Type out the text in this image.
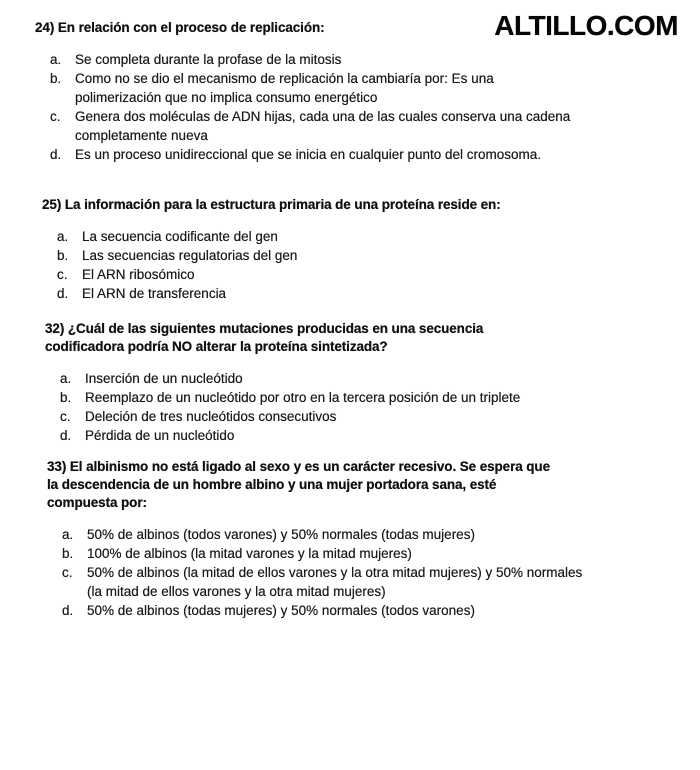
ALTILLO.COM
24) En relación con el proceso de replicación:
a.	Se completa durante la profase de la mitosis
b.	Como no se dio el mecanismo de replicación la cambiaría por: Es una
polimerización que no implica consumo energético
c.	Genera dos moléculas de ADN hijas, cada una de las cuales conserva una cadena
completamente nueva
d.	Es un proceso unidireccional que se inicia en cualquier punto del cromosoma.
25) La información para la estructura primaria de una proteína reside en:
a.	La secuencia codificante del gen
b.	Las secuencias regulatorias del gen
c.	El ARN ribosómico
d.	El ARN de transferencia
32) ¿Cuál de las siguientes mutaciones producidas en una secuencia
codificadora podría NO alterar la proteína sintetizada?
a.	Inserción de un nucleótido
b.	Reemplazo de un nucleótido por otro en la tercera posición de un triplete
c.	Deleción de tres nucleótidos consecutivos
d.	Pérdida de un nucleótido
33) El albinismo no está ligado al sexo y es un carácter recesivo. Se espera que
la descendencia de un hombre albino y una mujer portadora sana, esté
compuesta por:
a.	50% de albinos (todos varones) y 50% normales (todas mujeres)
b.	100% de albinos (la mitad varones y la mitad mujeres)
c.	50% de albinos (la mitad de ellos varones y la otra mitad mujeres) y 50% normales
(la mitad de ellos varones y la otra mitad mujeres)
d.	50% de albinos (todas mujeres) y 50% normales (todos varones)
